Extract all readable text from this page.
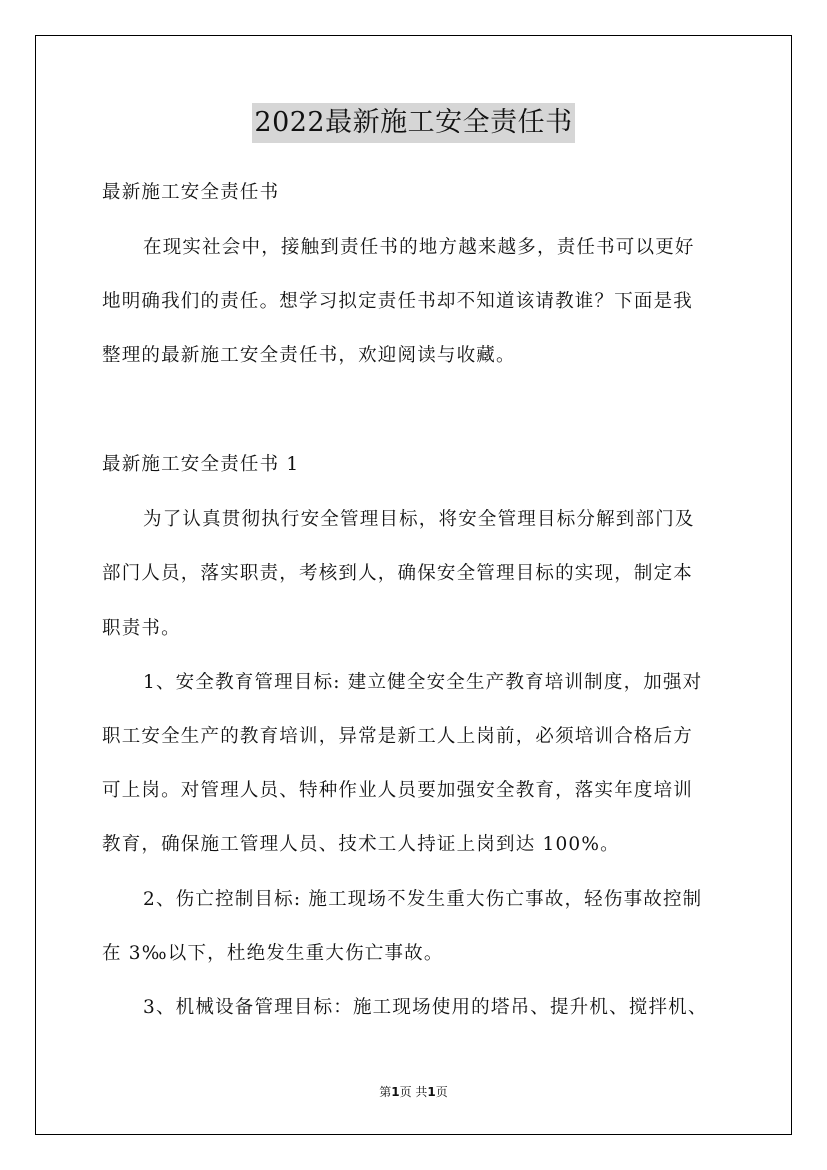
2022最新施工安全责任书
最新施工安全责任书
在现实社会中，接触到责任书的地方越来越多，责任书可以更好
地明确我们的责任。想学习拟定责任书却不知道该请教谁？下面是我
整理的最新施工安全责任书，欢迎阅读与收藏。
最新施工安全责任书 1
为了认真贯彻执行安全管理目标，将安全管理目标分解到部门及
部门人员，落实职责，考核到人，确保安全管理目标的实现，制定本
职责书。
1、安全教育管理目标: 建立健全安全生产教育培训制度，加强对
职工安全生产的教育培训，异常是新工人上岗前，必须培训合格后方
可上岗。对管理人员、特种作业人员要加强安全教育，落实年度培训
教育，确保施工管理人员、技术工人持证上岗到达 100%。
2、伤亡控制目标: 施工现场不发生重大伤亡事故，轻伤事故控制
在 3‰以下，杜绝发生重大伤亡事故。
3、机械设备管理目标：施工现场使用的塔吊、提升机、搅拌机、
第1页 共1页
